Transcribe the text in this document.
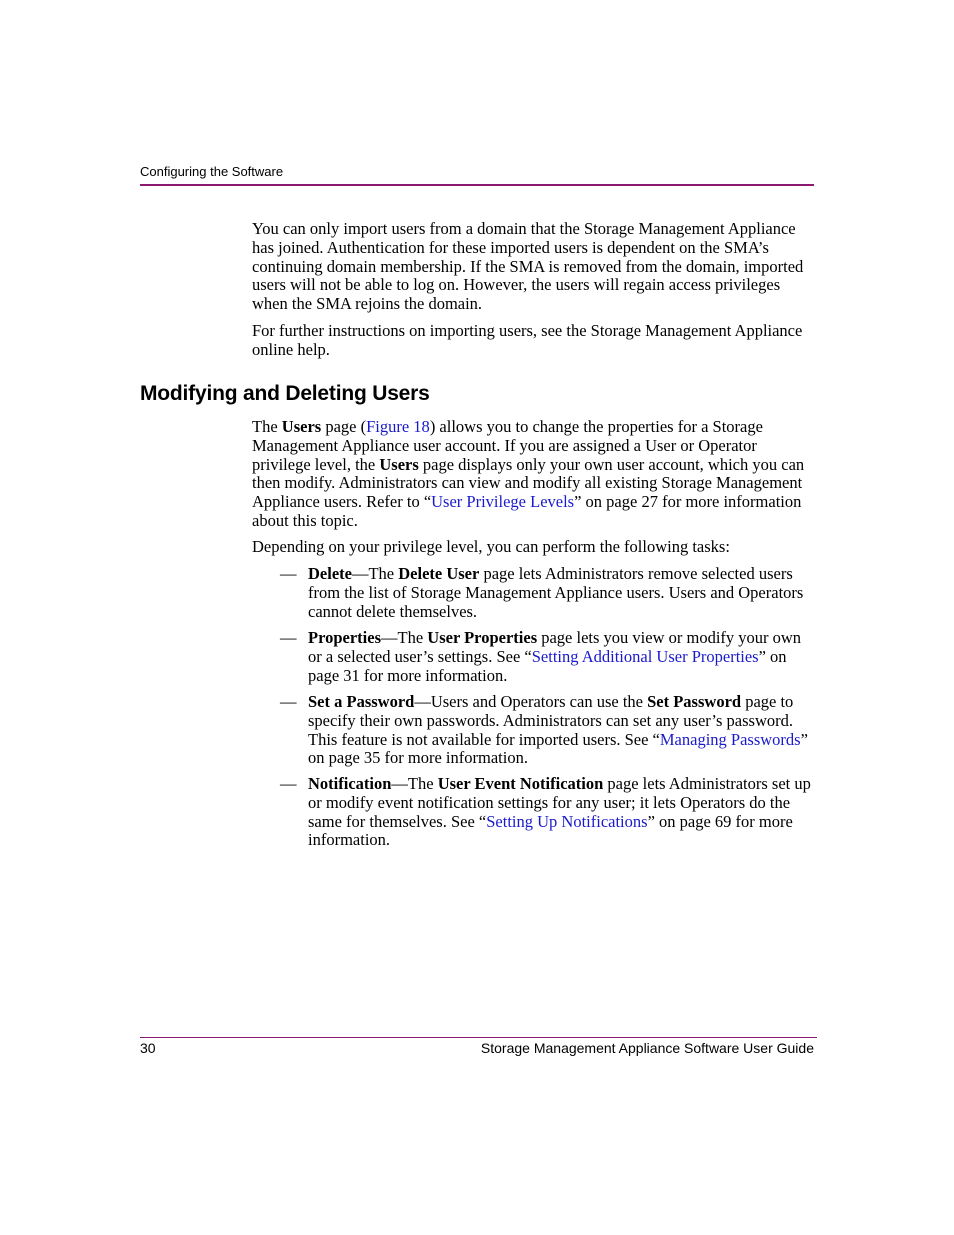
Configuring the Software

You can only import users from a domain that the Storage Management Appliance has joined. Authentication for these imported users is dependent on the SMA’s continuing domain membership. If the SMA is removed from the domain, imported users will not be able to log on. However, the users will regain access privileges when the SMA rejoins the domain.

For further instructions on importing users, see the Storage Management Appliance online help.

Modifying and Deleting Users

The Users page (Figure 18) allows you to change the properties for a Storage Management Appliance user account. If you are assigned a User or Operator privilege level, the Users page displays only your own user account, which you can then modify. Administrators can view and modify all existing Storage Management Appliance users. Refer to “User Privilege Levels” on page 27 for more information about this topic.

Depending on your privilege level, you can perform the following tasks:

— Delete—The Delete User page lets Administrators remove selected users from the list of Storage Management Appliance users. Users and Operators cannot delete themselves.
— Properties—The User Properties page lets you view or modify your own or a selected user’s settings. See “Setting Additional User Properties” on page 31 for more information.
— Set a Password—Users and Operators can use the Set Password page to specify their own passwords. Administrators can set any user’s password. This feature is not available for imported users. See “Managing Passwords” on page 35 for more information.
— Notification—The User Event Notification page lets Administrators set up or modify event notification settings for any user; it lets Operators do the same for themselves. See “Setting Up Notifications” on page 69 for more information.
30	Storage Management Appliance Software User Guide
